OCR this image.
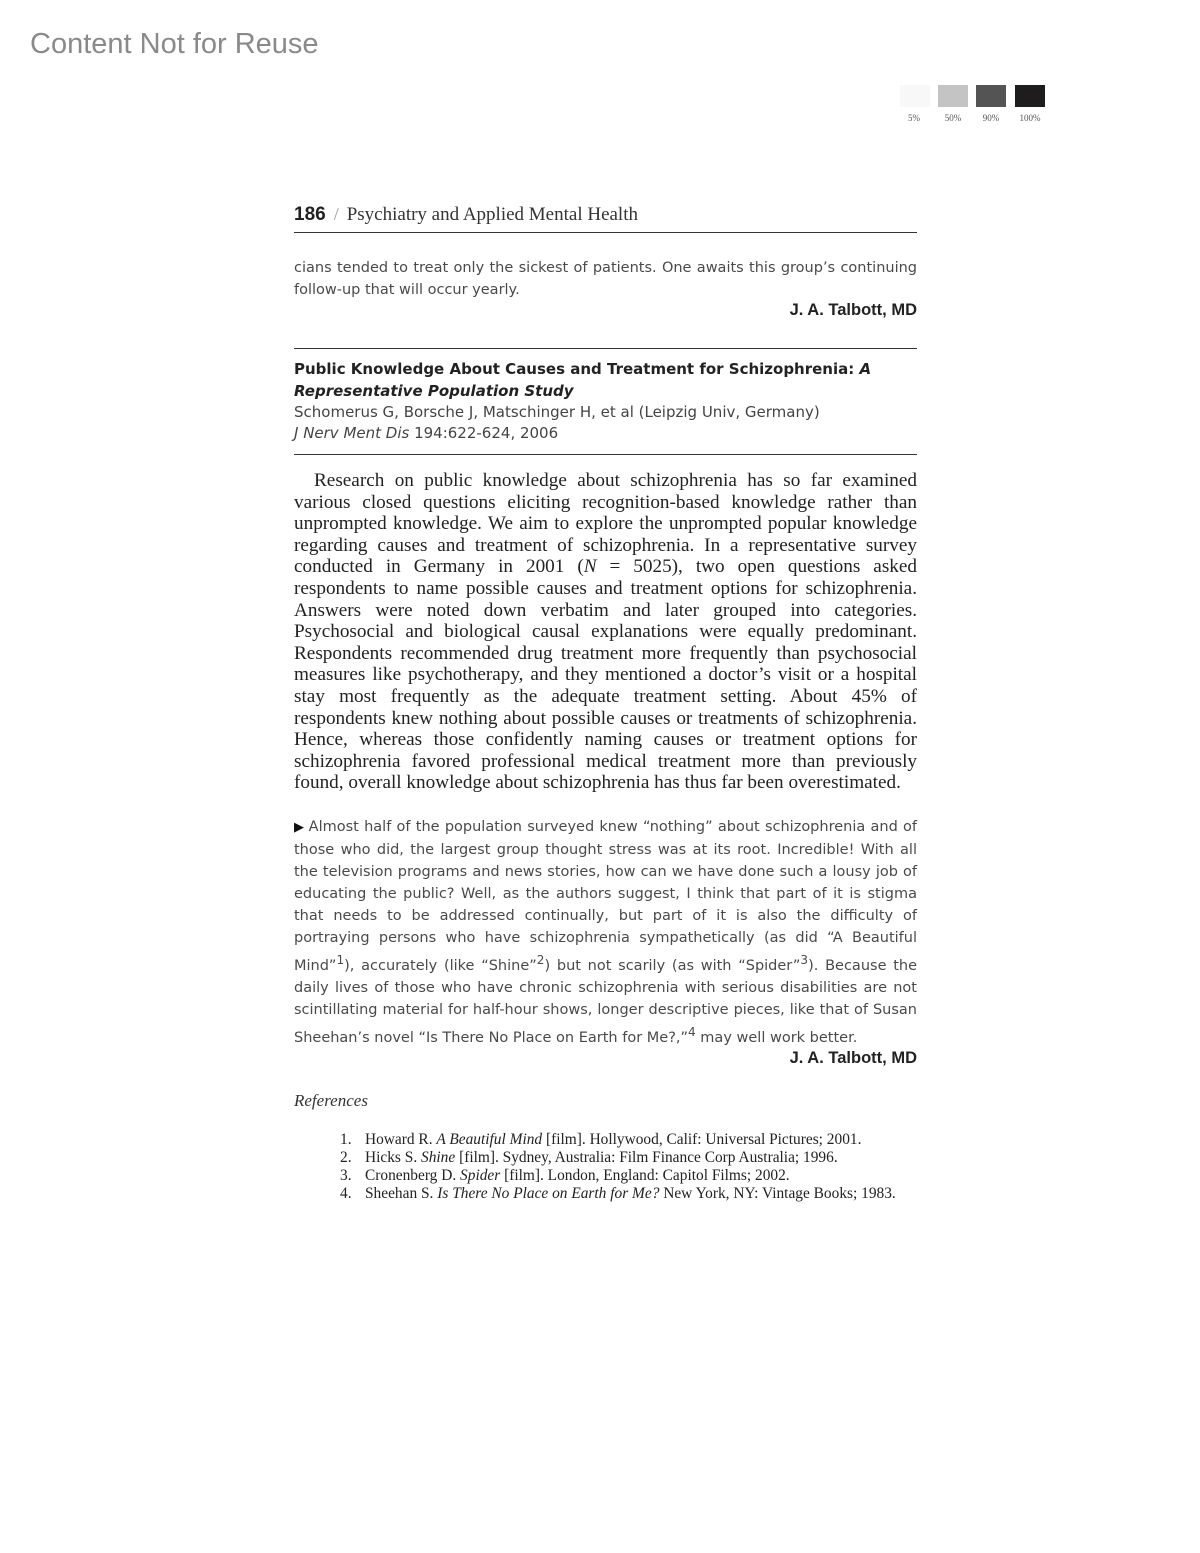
Content Not for Reuse
5%	50%	90%	100%
186 / Psychiatry and Applied Mental Health

cians tended to treat only the sickest of patients. One awaits this group’s continuing follow-up that will occur yearly.

J. A. Talbott, MD

Public Knowledge About Causes and Treatment for Schizophrenia: A Representative Population Study

Schomerus G, Borsche J, Matschinger H, et al (Leipzig Univ, Germany)

J Nerv Ment Dis 194:622-624, 2006

Research on public knowledge about schizophrenia has so far examined various closed questions eliciting recognition-based knowledge rather than unprompted knowledge. We aim to explore the unprompted popular knowledge regarding causes and treatment of schizophrenia. In a representative survey conducted in Germany in 2001 (N = 5025), two open questions asked respondents to name possible causes and treatment options for schizophrenia. Answers were noted down verbatim and later grouped into categories. Psychosocial and biological causal explanations were equally predominant. Respondents recommended drug treatment more frequently than psychosocial measures like psychotherapy, and they mentioned a doctor’s visit or a hospital stay most frequently as the adequate treatment setting. About 45% of respondents knew nothing about possible causes or treatments of schizophrenia. Hence, whereas those confidently naming causes or treatment options for schizophrenia favored professional medical treatment more than previously found, overall knowledge about schizophrenia has thus far been overestimated.

▶ Almost half of the population surveyed knew “nothing” about schizophrenia and of those who did, the largest group thought stress was at its root. Incredible! With all the television programs and news stories, how can we have done such a lousy job of educating the public? Well, as the authors suggest, I think that part of it is stigma that needs to be addressed continually, but part of it is also the difficulty of portraying persons who have schizophrenia sympathetically (as did “A Beautiful Mind”$^1$), accurately (like “Shine”$^2$) but not scarily (as with “Spider”$^3$). Because the daily lives of those who have chronic schizophrenia with serious disabilities are not scintillating material for half-hour shows, longer descriptive pieces, like that of Susan Sheehan’s novel “Is There No Place on Earth for Me?,”$^4$ may well work better.

J. A. Talbott, MD

References

1. Howard R. A Beautiful Mind [film]. Hollywood, Calif: Universal Pictures; 2001.
2. Hicks S. Shine [film]. Sydney, Australia: Film Finance Corp Australia; 1996.
3. Cronenberg D. Spider [film]. London, England: Capitol Films; 2002.
4. Sheehan S. Is There No Place on Earth for Me? New York, NY: Vintage Books; 1983.
